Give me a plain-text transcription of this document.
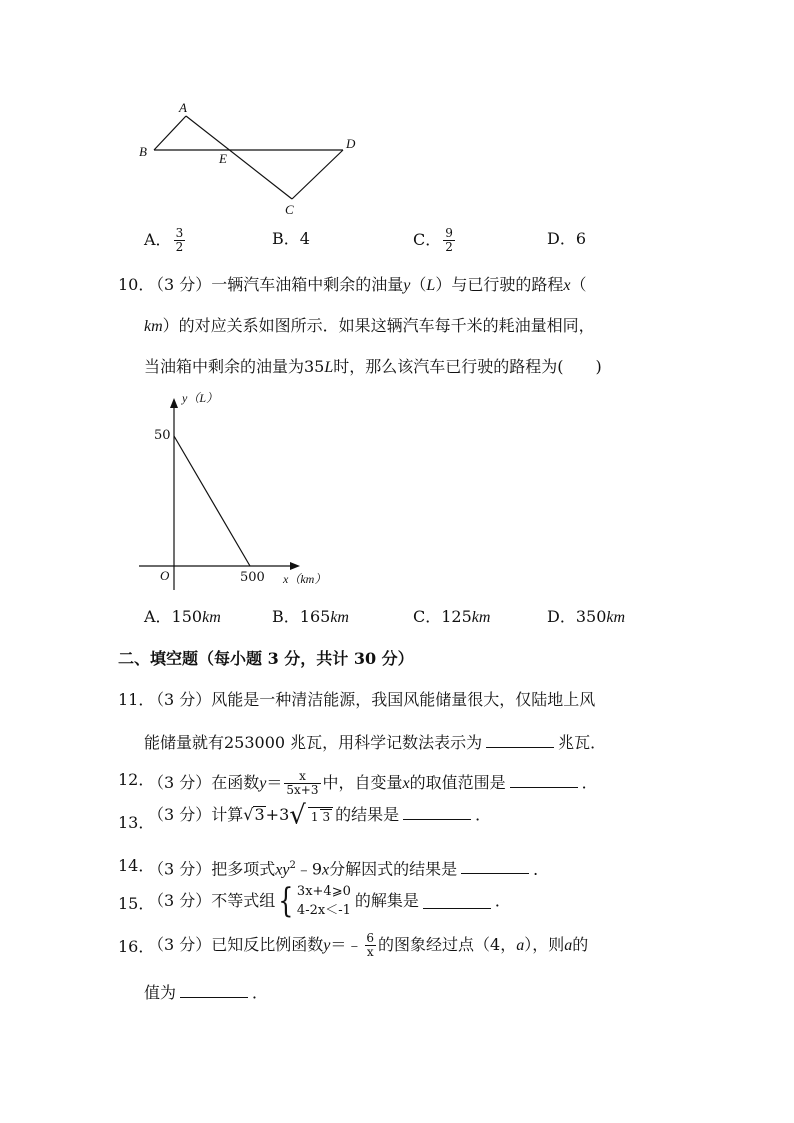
A
B	E
D
C
A． $\frac{3}{2}$	B．4	C． $\frac{9}{2}$	D．6
10．
（3 分）一辆汽车油箱中剩余的油量y（L）与已行驶的路程x（
km）的对应关系如图所示．如果这辆汽车每千米的耗油量相同，
当油箱中剩余的油量为35L时，那么该汽车已行驶的路程为(　　)
y（L）
50
O	500 x（km）
A．150km	B．165km	C．125km	D．350km
二、填空题（每小题 3 分，共计 30 分）
11．
（3 分）风能是一种清洁能源，我国风能储量很大，仅陆地上风
能储量就有253000 兆瓦，用科学记数法表示为	兆瓦．
12．
（3 分）在函数$y= \frac{x}{5x+3}$ 中，自变量x的取值范围是	．
13．
（3 分）计算√3+3√ 1 3 的结果是	．
14．
（3 分）把多项式$xy^2﹣9x$分解因式的结果是	．
15．
（3 分）不等式组 { 3x+4⩾0
4-2x＜-1
的解集是	．
16．
（3 分）已知反比例函数y＝﹣ $\frac{6}{x}$ 的图象经过点（4，a），则a的
值为	．
